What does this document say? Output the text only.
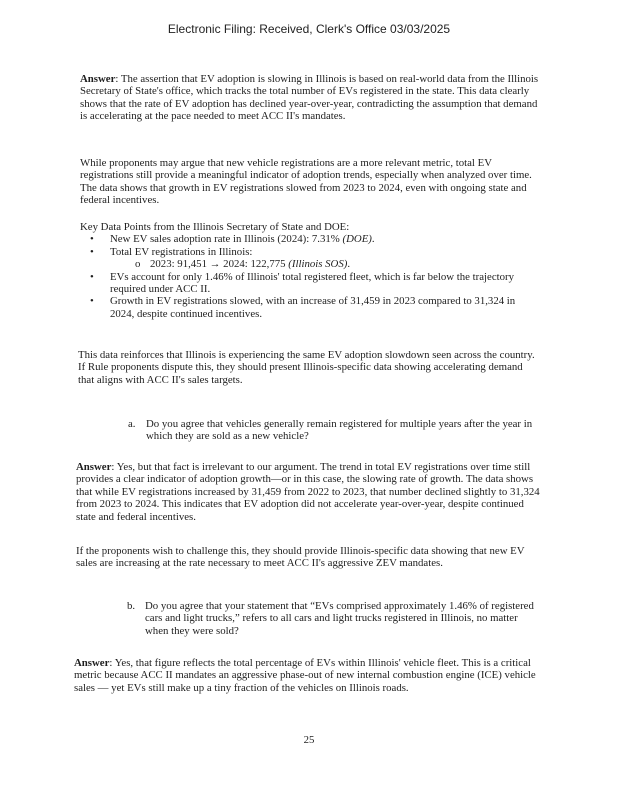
Electronic Filing: Received, Clerk's Office 03/03/2025
Answer: The assertion that EV adoption is slowing in Illinois is based on real-world data from the Illinois Secretary of State's office, which tracks the total number of EVs registered in the state. This data clearly shows that the rate of EV adoption has declined year-over-year, contradicting the assumption that demand is accelerating at the pace needed to meet ACC II's mandates.
While proponents may argue that new vehicle registrations are a more relevant metric, total EV registrations still provide a meaningful indicator of adoption trends, especially when analyzed over time. The data shows that growth in EV registrations slowed from 2023 to 2024, even with ongoing state and federal incentives.
Key Data Points from the Illinois Secretary of State and DOE:
• New EV sales adoption rate in Illinois (2024): 7.31% (DOE).
• Total EV registrations in Illinois:
o 2023: 91,451 → 2024: 122,775 (Illinois SOS).
• EVs account for only 1.46% of Illinois' total registered fleet, which is far below the trajectory required under ACC II.
• Growth in EV registrations slowed, with an increase of 31,459 in 2023 compared to 31,324 in 2024, despite continued incentives.
This data reinforces that Illinois is experiencing the same EV adoption slowdown seen across the country. If Rule proponents dispute this, they should present Illinois-specific data showing accelerating demand that aligns with ACC II's sales targets.
a. Do you agree that vehicles generally remain registered for multiple years after the year in which they are sold as a new vehicle?
Answer: Yes, but that fact is irrelevant to our argument. The trend in total EV registrations over time still provides a clear indicator of adoption growth—or in this case, the slowing rate of growth. The data shows that while EV registrations increased by 31,459 from 2022 to 2023, that number declined slightly to 31,324 from 2023 to 2024. This indicates that EV adoption did not accelerate year-over-year, despite continued state and federal incentives.
If the proponents wish to challenge this, they should provide Illinois-specific data showing that new EV sales are increasing at the rate necessary to meet ACC II's aggressive ZEV mandates.
b. Do you agree that your statement that “EVs comprised approximately 1.46% of registered cars and light trucks,” refers to all cars and light trucks registered in Illinois, no matter when they were sold?
Answer: Yes, that figure reflects the total percentage of EVs within Illinois' vehicle fleet. This is a critical metric because ACC II mandates an aggressive phase-out of new internal combustion engine (ICE) vehicle sales — yet EVs still make up a tiny fraction of the vehicles on Illinois roads.
25
